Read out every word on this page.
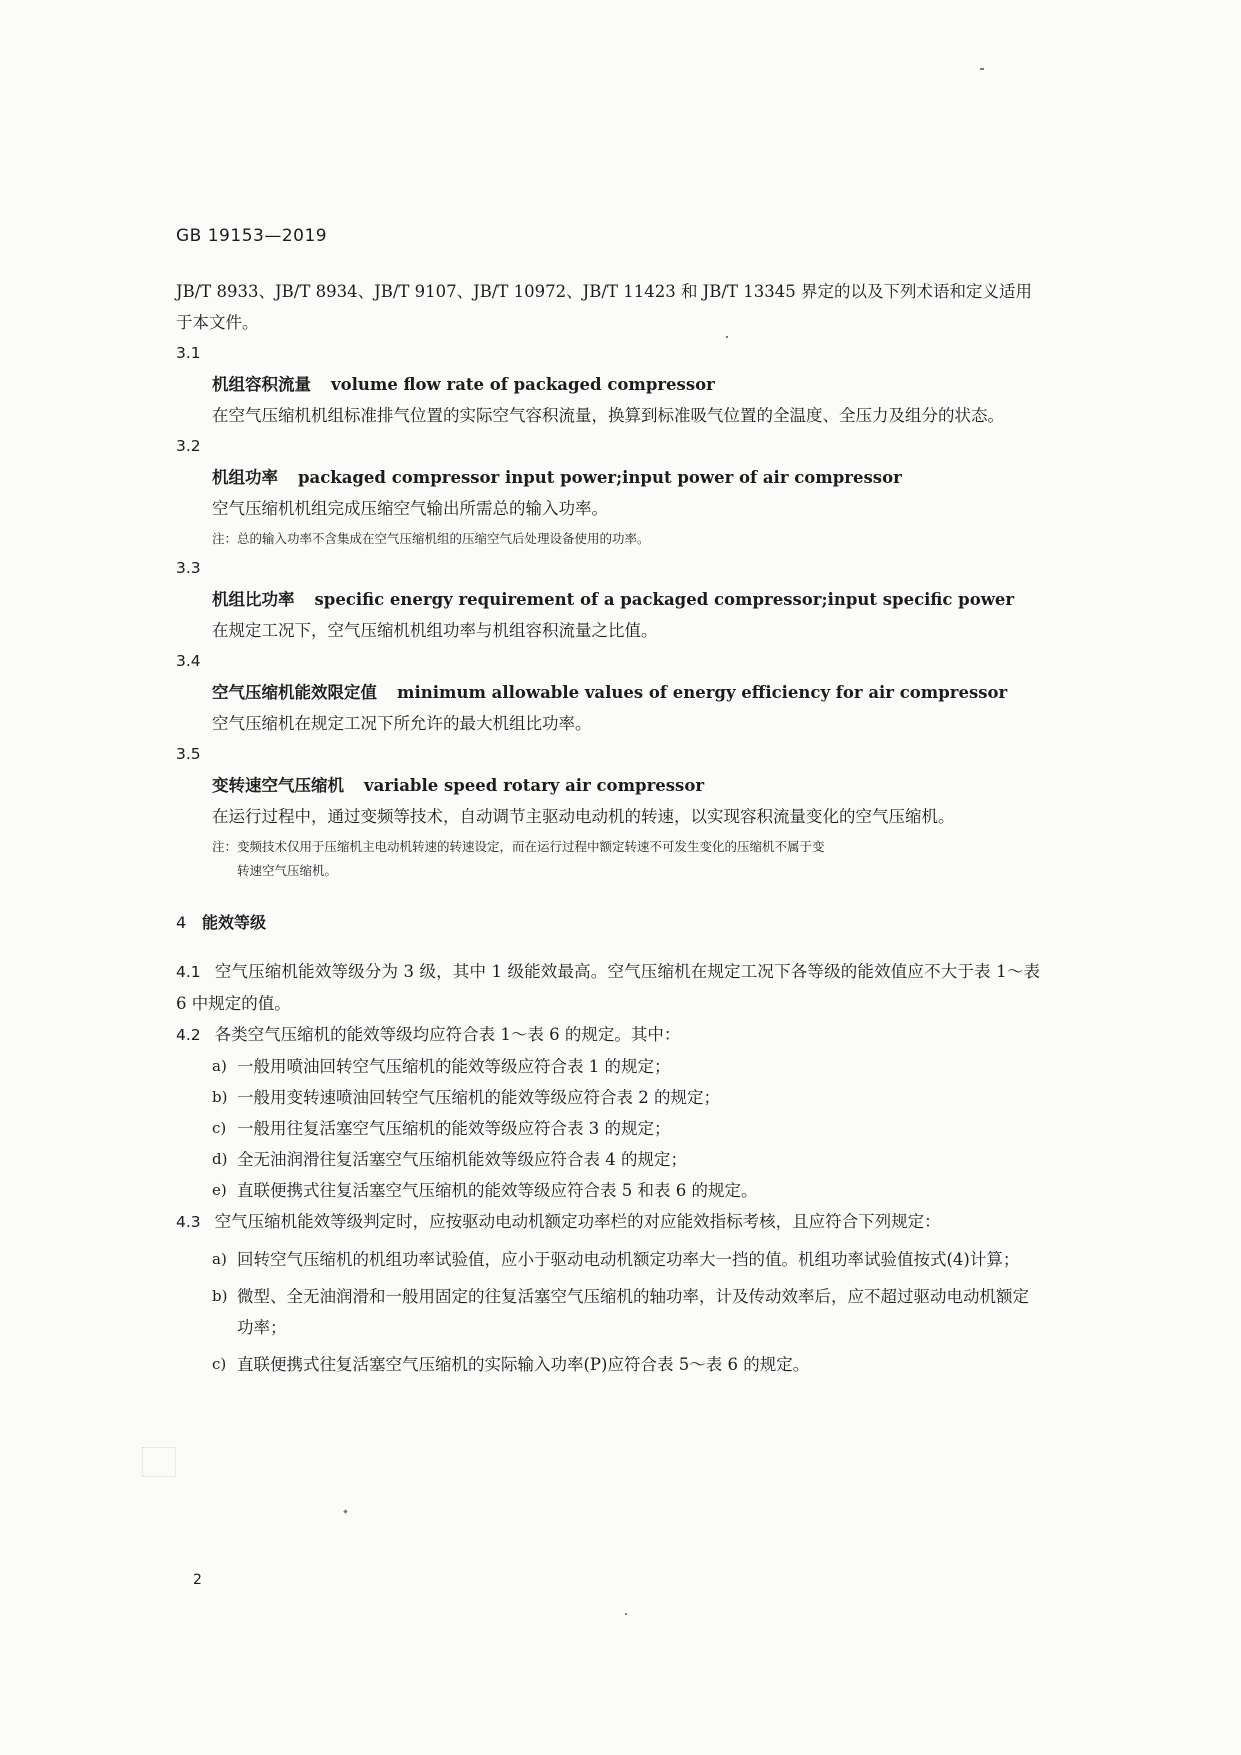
GB 19153—2019
JB/T 8933、JB/T 8934、JB/T 9107、JB/T 10972、JB/T 11423 和 JB/T 13345 界定的以及下列术语和定义适用于本文件。
3.1
机组容积流量 volume flow rate of packaged compressor
在空气压缩机机组标准排气位置的实际空气容积流量，换算到标准吸气位置的全温度、全压力及组分的状态。
3.2
机组功率 packaged compressor input power;input power of air compressor
空气压缩机机组完成压缩空气输出所需总的输入功率。
注：总的输入功率不含集成在空气压缩机组的压缩空气后处理设备使用的功率。
3.3
机组比功率 specific energy requirement of a packaged compressor;input specific power
在规定工况下，空气压缩机机组功率与机组容积流量之比值。
3.4
空气压缩机能效限定值 minimum allowable values of energy efficiency for air compressor
空气压缩机在规定工况下所允许的最大机组比功率。
3.5
变转速空气压缩机 variable speed rotary air compressor
在运行过程中，通过变频等技术，自动调节主驱动电动机的转速，以实现容积流量变化的空气压缩机。
注：变频技术仅用于压缩机主电动机转速的转速设定，而在运行过程中额定转速不可发生变化的压缩机不属于变
转速空气压缩机。
4 能效等级
4.1 空气压缩机能效等级分为 3 级，其中 1 级能效最高。空气压缩机在规定工况下各等级的能效值应不大于表 1～表 6 中规定的值。
4.2 各类空气压缩机的能效等级均应符合表 1～表 6 的规定。其中：
a) 一般用喷油回转空气压缩机的能效等级应符合表 1 的规定；
b) 一般用变转速喷油回转空气压缩机的能效等级应符合表 2 的规定；
c) 一般用往复活塞空气压缩机的能效等级应符合表 3 的规定；
d) 全无油润滑往复活塞空气压缩机能效等级应符合表 4 的规定；
e) 直联便携式往复活塞空气压缩机的能效等级应符合表 5 和表 6 的规定。
4.3 空气压缩机能效等级判定时，应按驱动电动机额定功率栏的对应能效指标考核，且应符合下列规定：
a) 回转空气压缩机的机组功率试验值，应小于驱动电动机额定功率大一挡的值。机组功率试验值按式(4)计算；
b) 微型、全无油润滑和一般用固定的往复活塞空气压缩机的轴功率，计及传动效率后，应不超过驱动电动机额定功率；
c) 直联便携式往复活塞空气压缩机的实际输入功率(P)应符合表 5～表 6 的规定。
2
